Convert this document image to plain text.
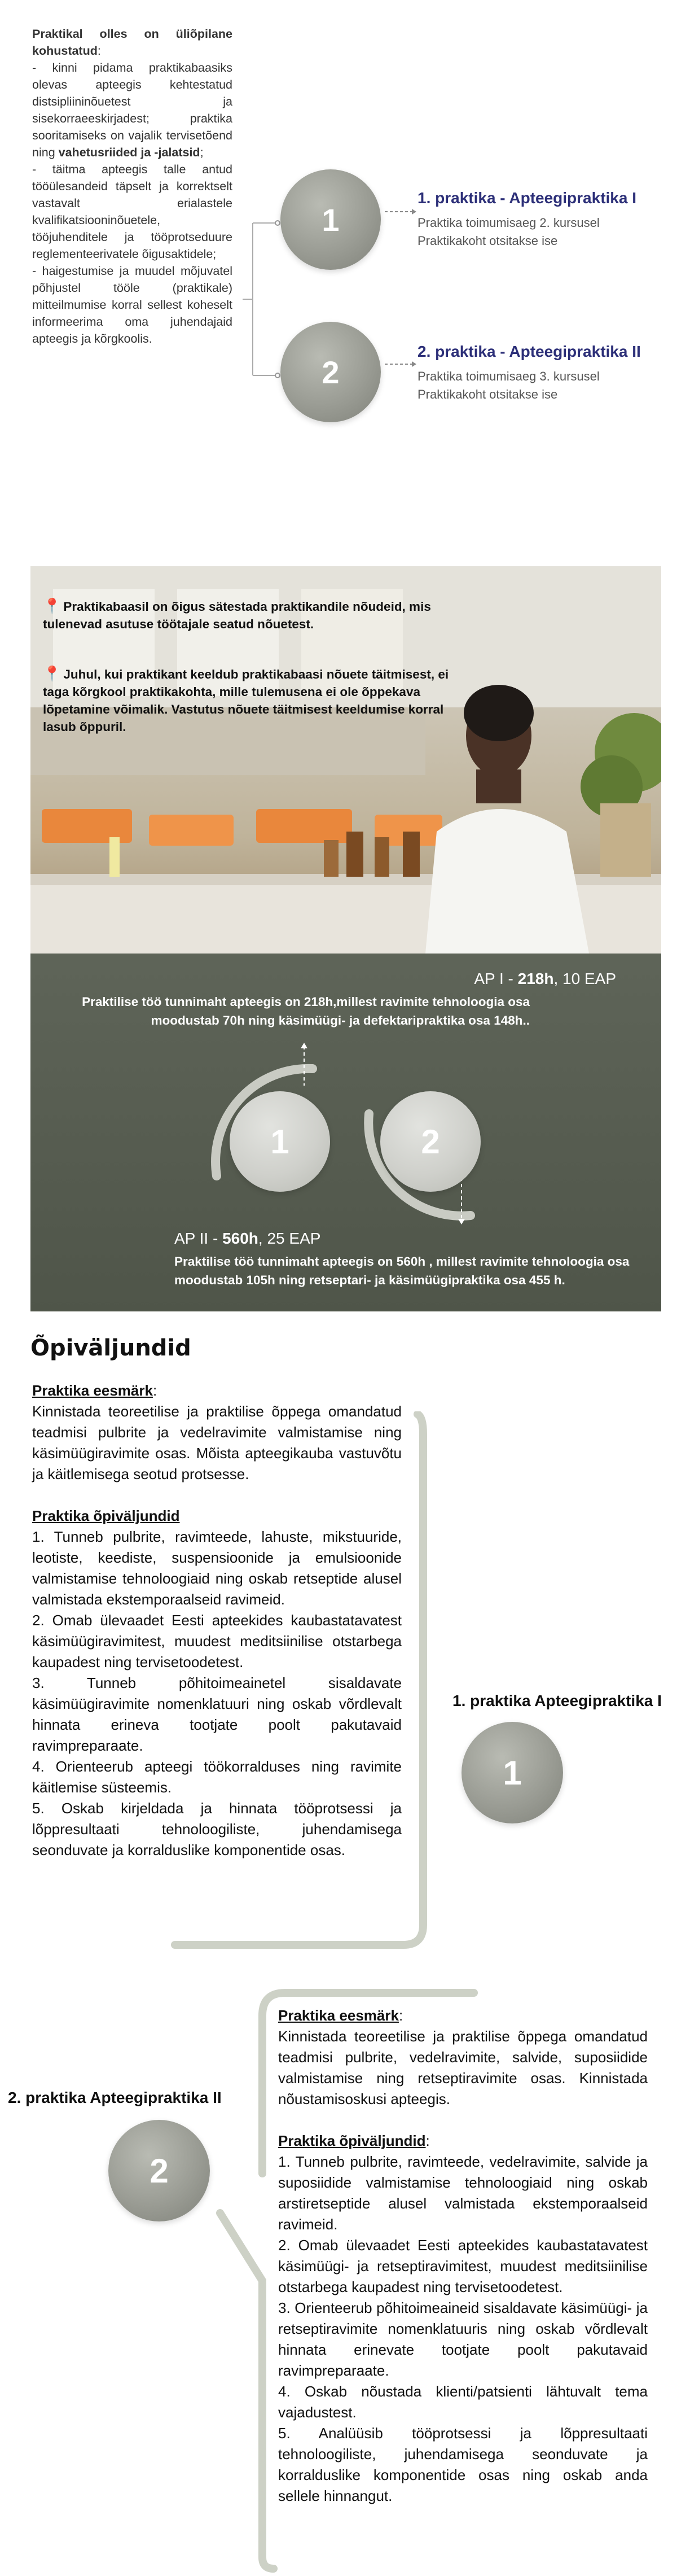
Praktikal olles on üliõpilane kohustatud:
- kinni pidama praktikabaasiks olevas apteegis kehtestatud distsipliininõuetest ja sisekorraeeskirjadest; praktika sooritamiseks on vajalik tervisetõend ning vahetusriided ja -jalatsid;
- täitma apteegis talle antud tööülesandeid täpselt ja korrektselt vastavalt erialastele kvalifikatsiooninõuetele, tööjuhenditele ja tööprotseduure reglementeerivatele õigusaktidele;
- haigestumise ja muudel mõjuvatel põhjustel tööle (praktikale) mitteilmumise korral sellest koheselt informeerima oma juhendajaid apteegis ja kõrgkoolis.
1
2
1. praktika - Apteegipraktika I
Praktika toimumisaeg 2. kursusel
Praktikakoht otsitakse ise
2. praktika - Apteegipraktika II
Praktika toimumisaeg 3. kursusel
Praktikakoht otsitakse ise
📍 Praktikabaasil on õigus sätestada praktikandile nõudeid, mis tulenevad asutuse töötajale seatud nõuetest.
📍 Juhul, kui praktikant keeldub praktikabaasi nõuete täitmisest, ei taga kõrgkool praktikakohta, mille tulemusena ei ole õppekava lõpetamine võimalik. Vastutus nõuete täitmisest keeldumise korral lasub õppuril.
AP I - 218h, 10 EAP
Praktilise töö tunnimaht apteegis on 218h,millest ravimite tehnoloogia osa moodustab 70h ning käsimüügi- ja defektaripraktika osa 148h..
1	2
AP II - 560h, 25 EAP
Praktilise töö tunnimaht apteegis on 560h , millest ravimite tehnoloogia osa moodustab 105h ning retseptari- ja käsimüügipraktika osa 455 h.
Õpiväljundid

Praktika eesmärk:

Kinnistada teoreetilise ja praktilise õppega omandatud teadmisi pulbrite ja vedelravimite valmistamise ning käsimüügiravimite osas. Mõista apteegikauba vastuvõtu ja käitlemisega seotud protsesse.

Praktika õpiväljundid

1. Tunneb pulbrite, ravimteede, lahuste, mikstuuride, leotiste, keediste, suspensioonide ja emulsioonide valmistamise tehnoloogiaid ning oskab retseptide alusel valmistada ekstemporaalseid ravimeid.

2. Omab ülevaadet Eesti apteekides kaubastatavatest käsimüügiravimitest, muudest meditsiinilise otstarbega kaupadest ning tervisetoodetest.

3. Tunneb põhitoimeainetel sisaldavate käsimüügiravimite nomenklatuuri ning oskab võrdlevalt hinnata erineva tootjate poolt pakutavaid ravimpreparaate.

4. Orienteerub apteegi töökorralduses ning ravimite käitlemise süsteemis.

5. Oskab kirjeldada ja hinnata tööprotsessi ja lõppresultaati tehnoloogiliste, juhendamisega seonduvate ja korralduslike komponentide osas.

1. praktika Apteegipraktika I
1
2. praktika Apteegipraktika II
2

Praktika eesmärk:

Kinnistada teoreetilise ja praktilise õppega omandatud teadmisi pulbrite, vedelravimite, salvide, suposiidide valmistamise ning retseptiravimite osas. Kinnistada nõustamisoskusi apteegis.

Praktika õpiväljundid:

1. Tunneb pulbrite, ravimteede, vedelravimite, salvide ja suposiidide valmistamise tehnoloogiaid ning oskab arstiretseptide alusel valmistada ekstemporaalseid ravimeid.

2. Omab ülevaadet Eesti apteekides kaubastatavatest käsimüügi- ja retseptiravimitest, muudest meditsiinilise otstarbega kaupadest ning tervisetoodetest.

3. Orienteerub põhitoimeaineid sisaldavate käsimüügi- ja retseptiravimite nomenklatuuris ning oskab võrdlevalt hinnata erinevate tootjate poolt pakutavaid ravimpreparaate.

4. Oskab nõustada klienti/patsienti lähtuvalt tema vajadustest.

5. Analüüsib tööprotsessi ja lõppresultaati tehnoloogiliste, juhendamisega seonduvate ja korralduslike komponentide osas ning oskab anda sellele hinnangut.
